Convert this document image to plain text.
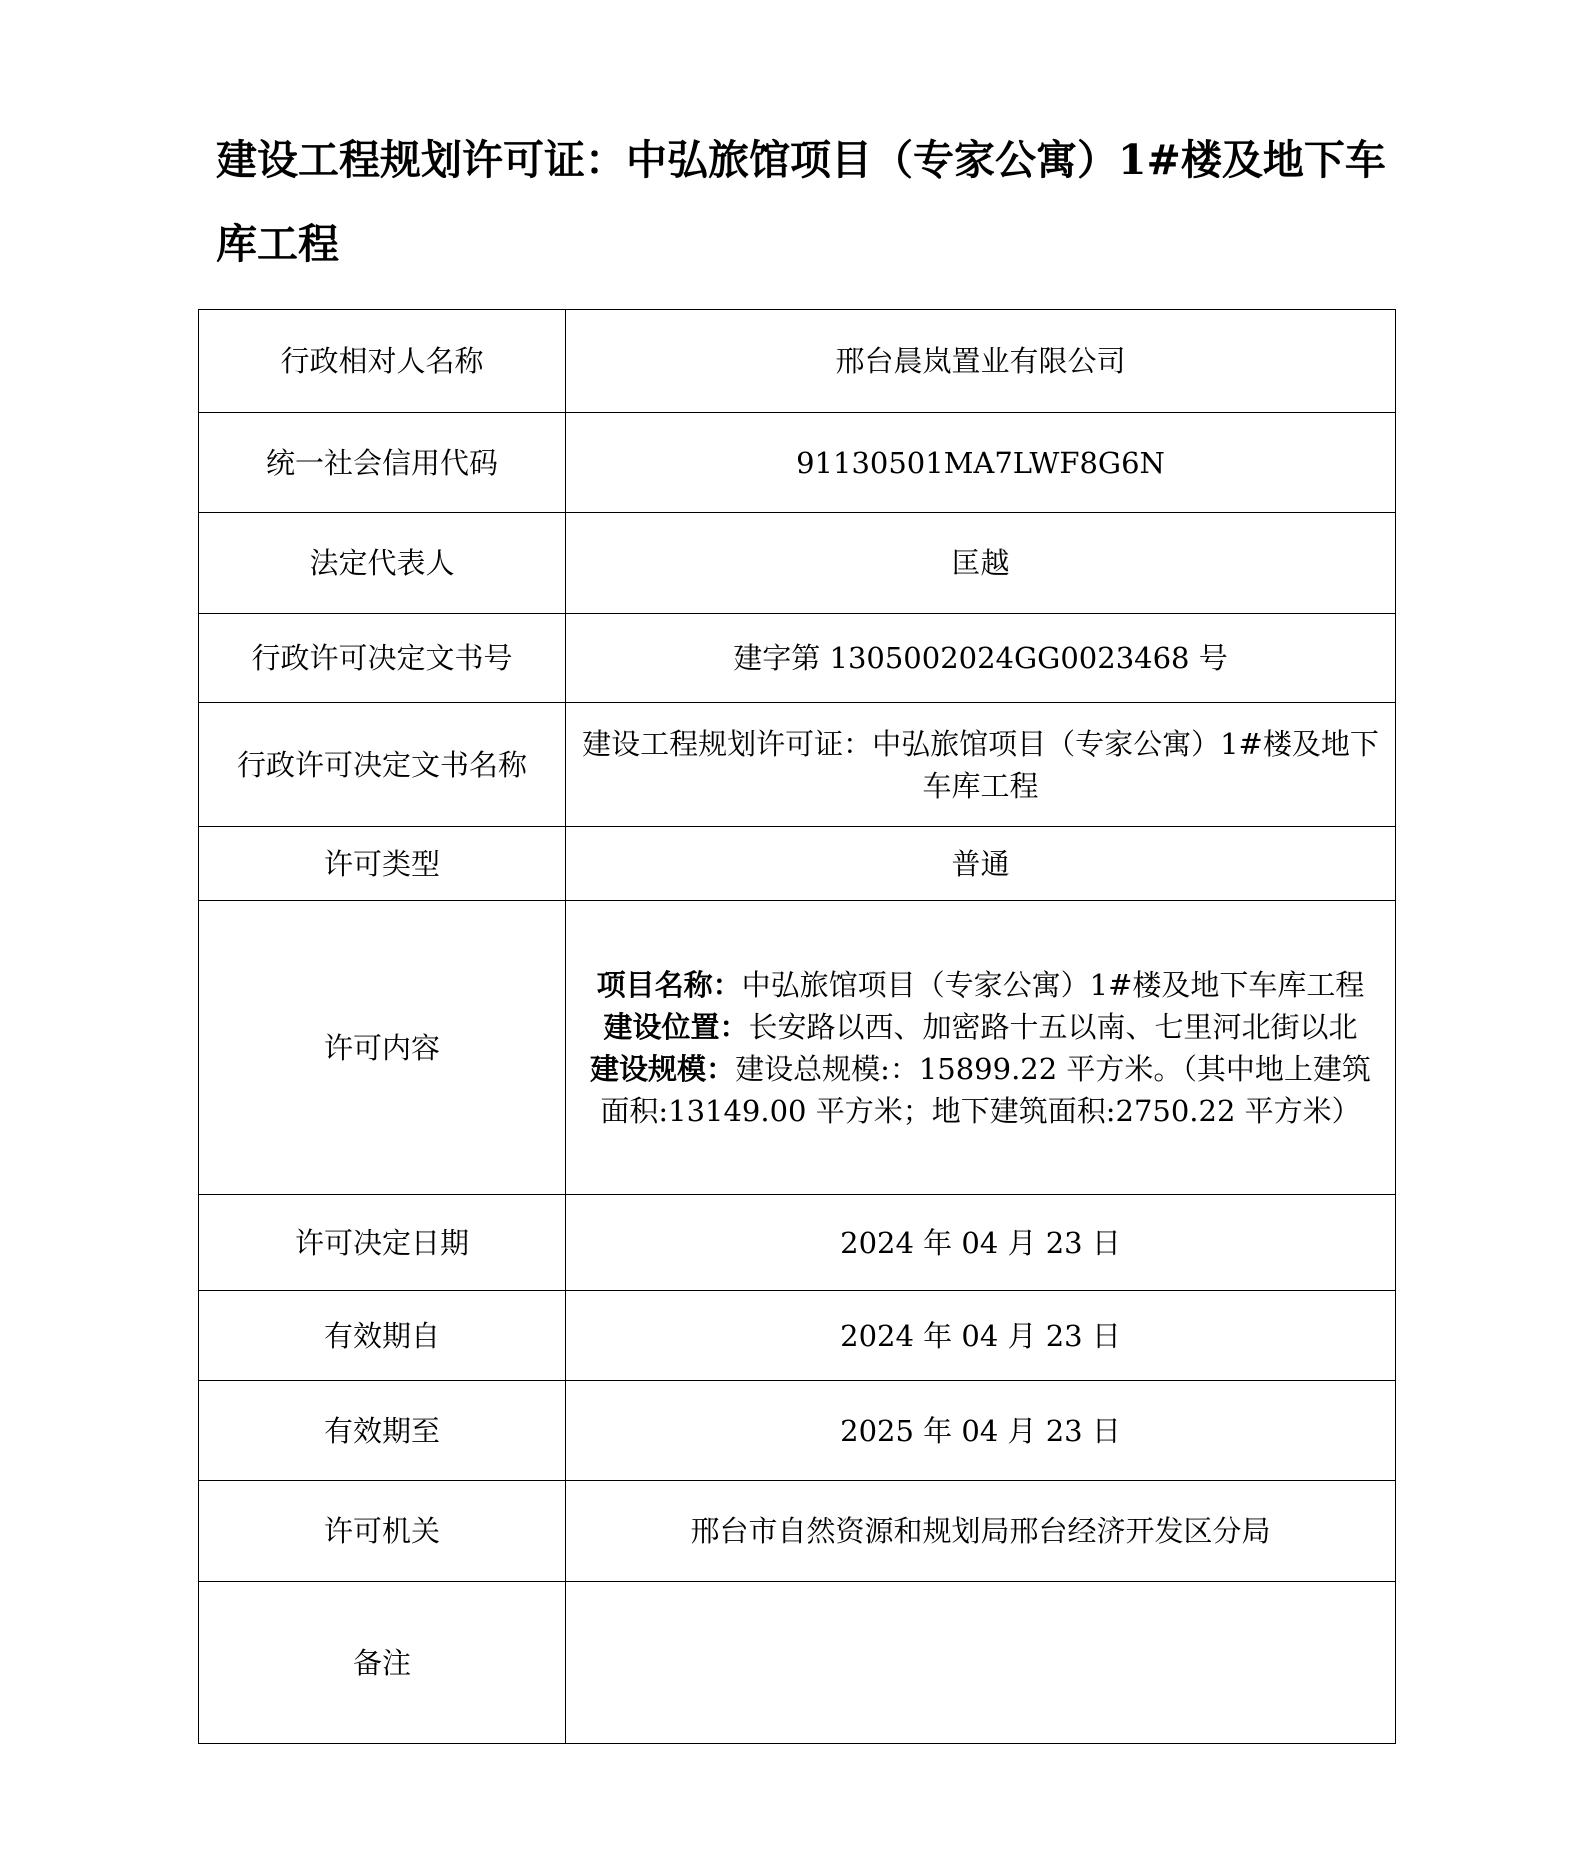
建设工程规划许可证：中弘旅馆项目（专家公寓）1#楼及地下车库工程
行政相对人名称	邢台晨岚置业有限公司
统一社会信用代码	91130501MA7LWF8G6N
法定代表人	匡越
行政许可决定文书号	建字第 1305002024GG0023468 号
行政许可决定文书名称	建设工程规划许可证：中弘旅馆项目（专家公寓）1#楼及地下车库工程
许可类型	普通
许可内容	项目名称：中弘旅馆项目（专家公寓）1#楼及地下车库工程
建设位置：长安路以西、加密路十五以南、七里河北街以北
建设规模：建设总规模:：15899.22 平方米。（其中地上建筑面积:13149.00 平方米；地下建筑面积:2750.22 平方米）

许可决定日期	2024 年 04 月 23 日
有效期自	2024 年 04 月 23 日
有效期至	2025 年 04 月 23 日
许可机关	邢台市自然资源和规划局邢台经济开发区分局
备注	
